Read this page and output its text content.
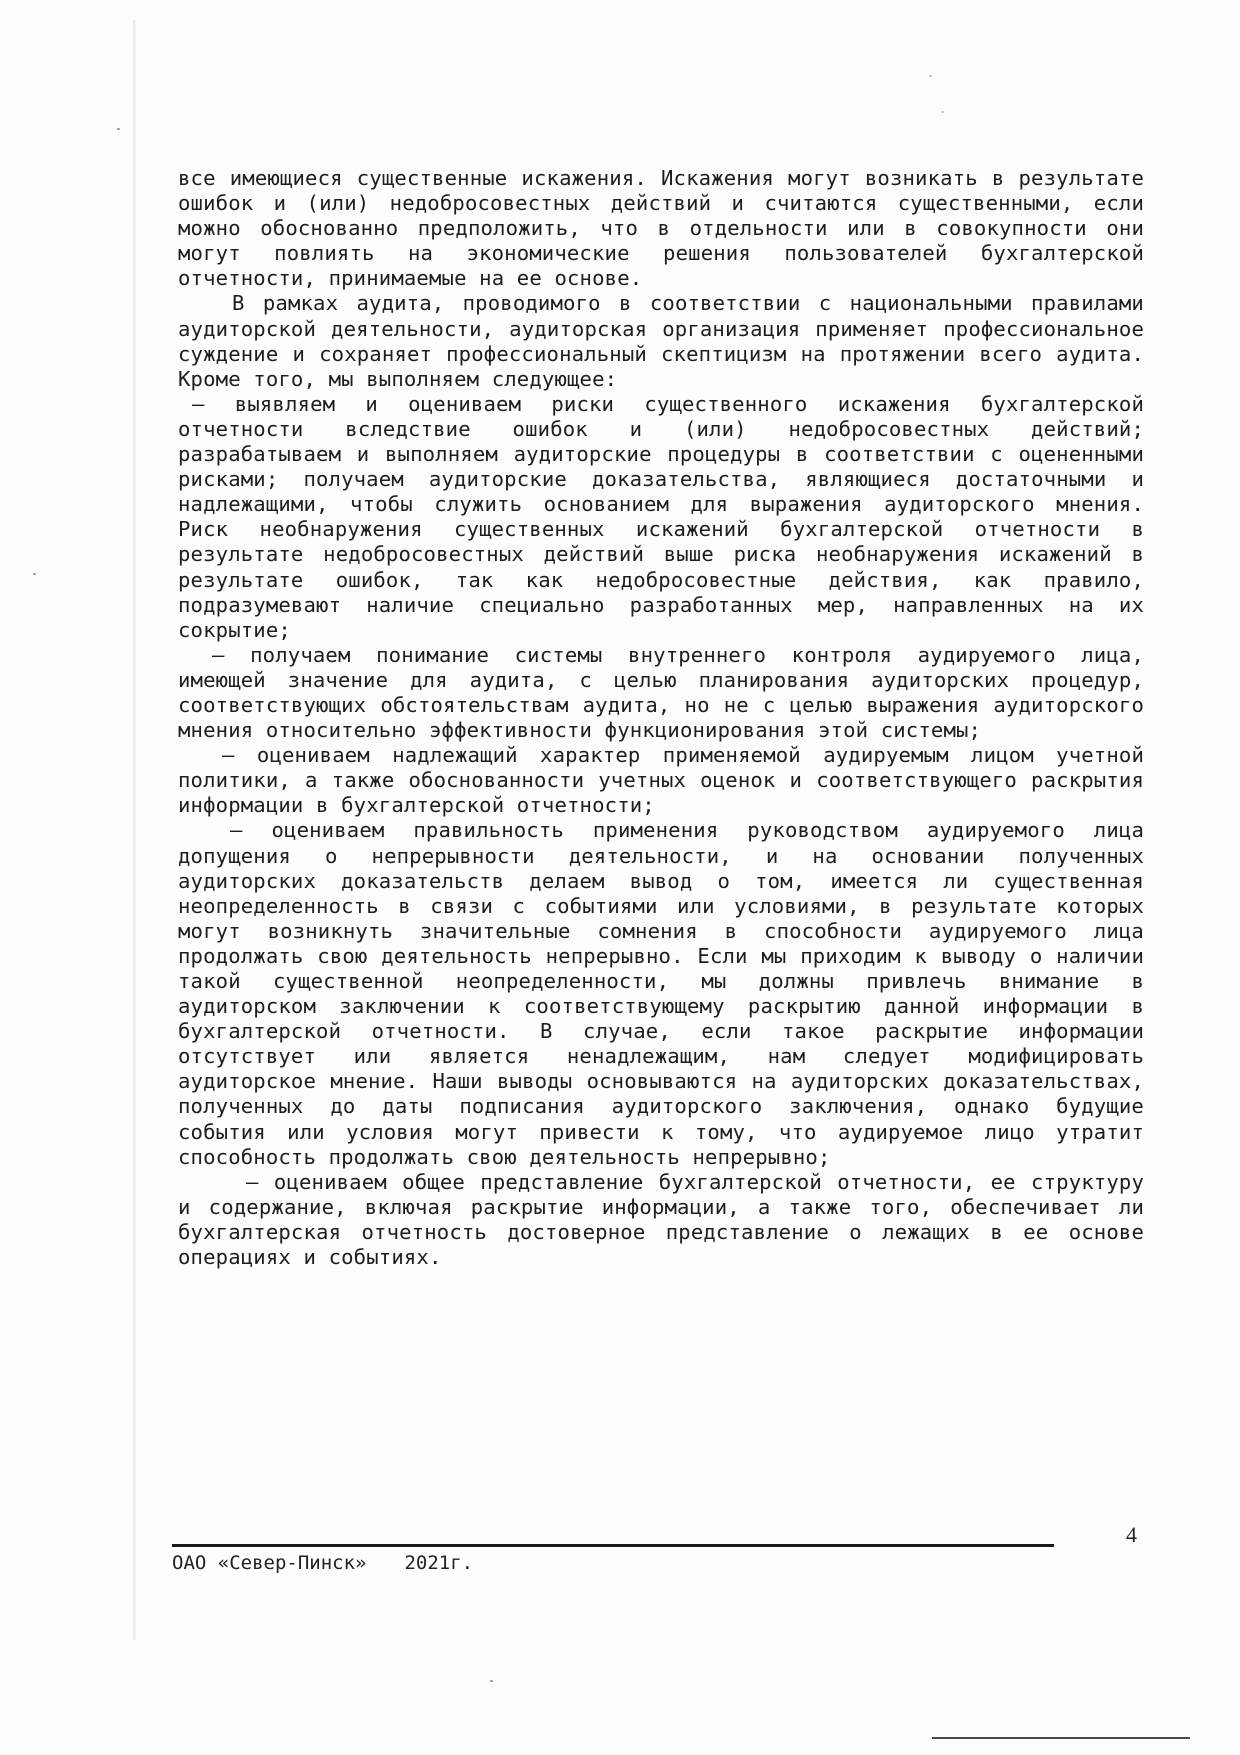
все имеющиеся существенные искажения. Искажения могут возникать в результате ошибок и (или) недобросовестных действий и считаются существенными, если можно обоснованно предположить, что в отдельности или в совокупности они могут повлиять на экономические решения пользователей бухгалтерской отчетности, принимаемые на ее основе.

В рамках аудита, проводимого в соответствии с национальными правилами аудиторской деятельности, аудиторская организация применяет профессиональное суждение и сохраняет профессиональный скептицизм на протяжении всего аудита. Кроме того, мы выполняем следующее:

– выявляем и оцениваем риски существенного искажения бухгалтерской отчетности вследствие ошибок и (или) недобросовестных действий; разрабатываем и выполняем аудиторские процедуры в соответствии с оцененными рисками; получаем аудиторские доказательства, являющиеся достаточными и надлежащими, чтобы служить основанием для выражения аудиторского мнения. Риск необнаружения существенных искажений бухгалтерской отчетности в результате недобросовестных действий выше риска необнаружения искажений в результате ошибок, так как недобросовестные действия, как правило, подразумевают наличие специально разработанных мер, направленных на их сокрытие;

– получаем понимание системы внутреннего контроля аудируемого лица, имеющей значение для аудита, с целью планирования аудиторских процедур, соответствующих обстоятельствам аудита, но не с целью выражения аудиторского мнения относительно эффективности функционирования этой системы;

– оцениваем надлежащий характер применяемой аудируемым лицом учетной политики, а также обоснованности учетных оценок и соответствующего раскрытия информации в бухгалтерской отчетности;

– оцениваем правильность применения руководством аудируемого лица допущения о непрерывности деятельности, и на основании полученных аудиторских доказательств делаем вывод о том, имеется ли существенная неопределенность в связи с событиями или условиями, в результате которых могут возникнуть значительные сомнения в способности аудируемого лица продолжать свою деятельность непрерывно. Если мы приходим к выводу о наличии такой существенной неопределенности, мы должны привлечь внимание в аудиторском заключении к соответствующему раскрытию данной информации в бухгалтерской отчетности. В случае, если такое раскрытие информации отсутствует или является ненадлежащим, нам следует модифицировать аудиторское мнение. Наши выводы основываются на аудиторских доказательствах, полученных до даты подписания аудиторского заключения, однако будущие события или условия могут привести к тому, что аудируемое лицо утратит способность продолжать свою деятельность непрерывно;

– оцениваем общее представление бухгалтерской отчетности, ее структуру и содержание, включая раскрытие информации, а также того, обеспечивает ли бухгалтерская отчетность достоверное представление о лежащих в ее основе операциях и событиях.

4
ОАО «Север-Пинск» 2021г.
